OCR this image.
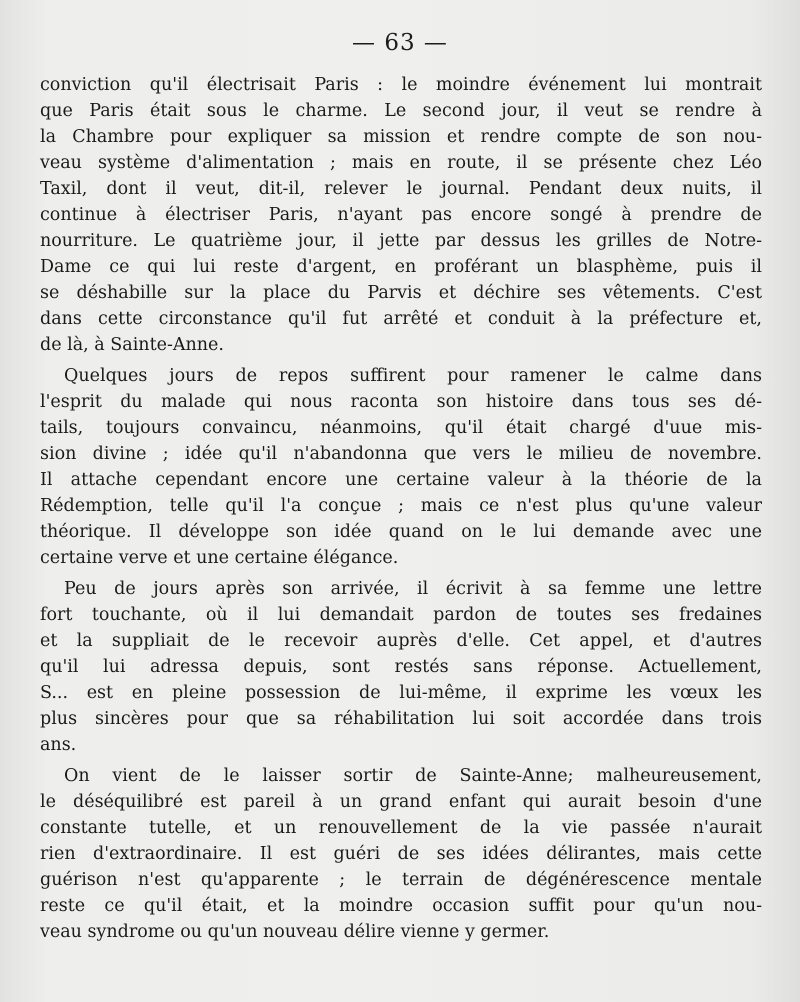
— 63 —
conviction qu'il électrisait Paris : le moindre événement lui montrait
que Paris était sous le charme. Le second jour, il veut se rendre à
la Chambre pour expliquer sa mission et rendre compte de son nou-
veau système d'alimentation ; mais en route, il se présente chez Léo
Taxil, dont il veut, dit-il, relever le journal. Pendant deux nuits, il
continue à électriser Paris, n'ayant pas encore songé à prendre de
nourriture. Le quatrième jour, il jette par dessus les grilles de Notre-
Dame ce qui lui reste d'argent, en proférant un blasphème, puis il
se déshabille sur la place du Parvis et déchire ses vêtements. C'est
dans cette circonstance qu'il fut arrêté et conduit à la préfecture et,
de là, à Sainte-Anne.
Quelques jours de repos suffirent pour ramener le calme dans
l'esprit du malade qui nous raconta son histoire dans tous ses dé-
tails, toujours convaincu, néanmoins, qu'il était chargé d'uue mis-
sion divine ; idée qu'il n'abandonna que vers le milieu de novembre.
Il attache cependant encore une certaine valeur à la théorie de la
Rédemption, telle qu'il l'a conçue ; mais ce n'est plus qu'une valeur
théorique. Il développe son idée quand on le lui demande avec une
certaine verve et une certaine élégance.
Peu de jours après son arrivée, il écrivit à sa femme une lettre
fort touchante, où il lui demandait pardon de toutes ses fredaines
et la suppliait de le recevoir auprès d'elle. Cet appel, et d'autres
qu'il lui adressa depuis, sont restés sans réponse. Actuellement,
S... est en pleine possession de lui-même, il exprime les vœux les
plus sincères pour que sa réhabilitation lui soit accordée dans trois
ans.
On vient de le laisser sortir de Sainte-Anne; malheureusement,
le déséquilibré est pareil à un grand enfant qui aurait besoin d'une
constante tutelle, et un renouvellement de la vie passée n'aurait
rien d'extraordinaire. Il est guéri de ses idées délirantes, mais cette
guérison n'est qu'apparente ; le terrain de dégénérescence mentale
reste ce qu'il était, et la moindre occasion suffit pour qu'un nou-
veau syndrome ou qu'un nouveau délire vienne y germer.
